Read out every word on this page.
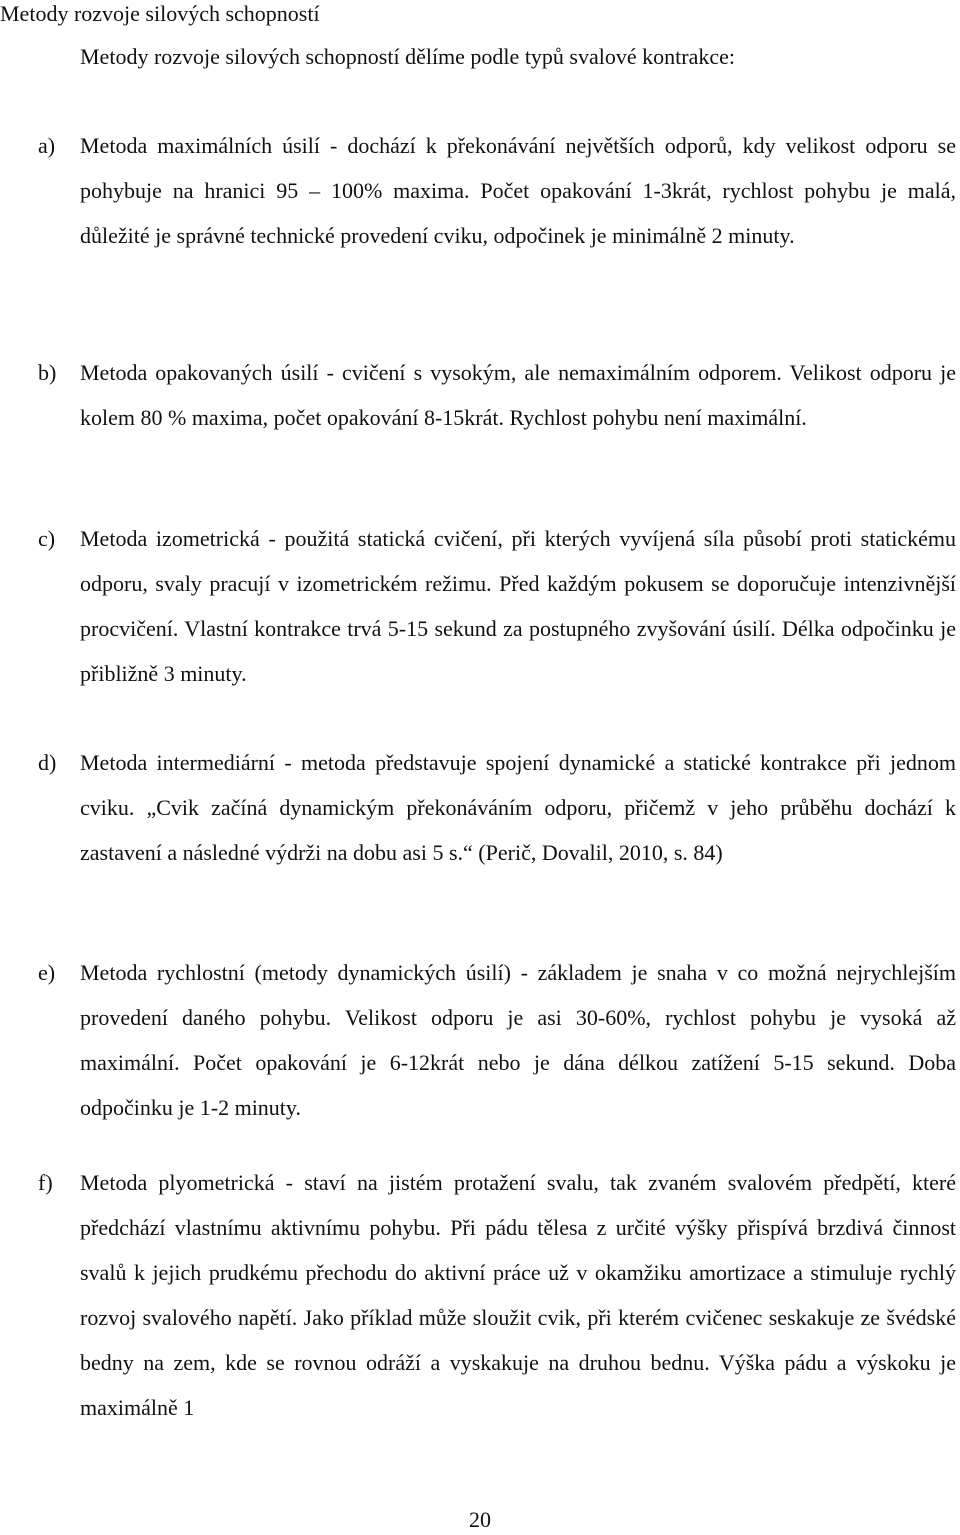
Metody rozvoje silových schopností
Metody rozvoje silových schopností dělíme podle typů svalové kontrakce:
a) Metoda maximálních úsilí - dochází k překonávání největších odporů, kdy velikost odporu se pohybuje na hranici 95 – 100% maxima. Počet opakování 1-3krát, rychlost pohybu je malá, důležité je správné technické provedení cviku, odpočinek je minimálně 2 minuty.
b) Metoda opakovaných úsilí - cvičení s vysokým, ale nemaximálním odporem. Velikost odporu je kolem 80 % maxima, počet opakování 8-15krát. Rychlost pohybu není maximální.
c) Metoda izometrická - použitá statická cvičení, při kterých vyvíjená síla působí proti statickému odporu, svaly pracují v izometrickém režimu. Před každým pokusem se doporučuje intenzivnější procvičení. Vlastní kontrakce trvá 5-15 sekund za postupného zvyšování úsilí. Délka odpočinku je přibližně 3 minuty.
d) Metoda intermediární - metoda představuje spojení dynamické a statické kontrakce při jednom cviku. „Cvik začíná dynamickým překonáváním odporu, přičemž v jeho průběhu dochází k zastavení a následné výdrži na dobu asi 5 s.“ (Perič, Dovalil, 2010, s. 84)
e) Metoda rychlostní (metody dynamických úsilí) - základem je snaha v co možná nejrychlejším provedení daného pohybu. Velikost odporu je asi 30-60%, rychlost pohybu je vysoká až maximální. Počet opakování je 6-12krát nebo je dána délkou zatížení 5-15 sekund. Doba odpočinku je 1-2 minuty.
f) Metoda plyometrická - staví na jistém protažení svalu, tak zvaném svalovém předpětí, které předchází vlastnímu aktivnímu pohybu. Při pádu tělesa z určité výšky přispívá brzdivá činnost svalů k jejich prudkému přechodu do aktivní práce už v okamžiku amortizace a stimuluje rychlý rozvoj svalového napětí. Jako příklad může sloužit cvik, při kterém cvičenec seskakuje ze švédské bedny na zem, kde se rovnou odráží a vyskakuje na druhou bednu. Výška pádu a výskoku je maximálně 1
20
